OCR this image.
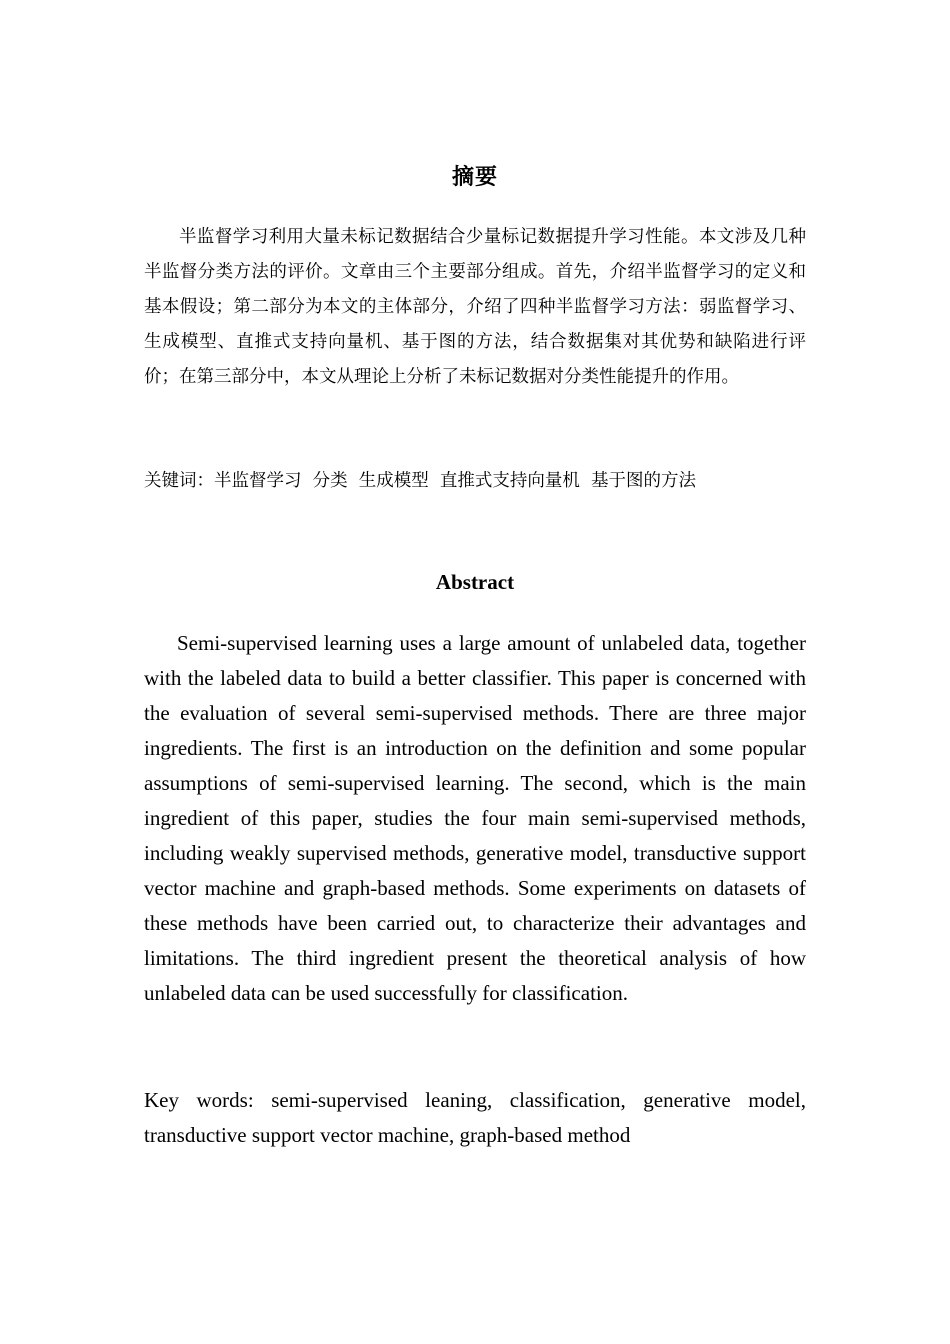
摘要

半监督学习利用大量未标记数据结合少量标记数据提升学习性能。本文涉及几种半监督分类方法的评价。文章由三个主要部分组成。首先，介绍半监督学习的定义和基本假设；第二部分为本文的主体部分，介绍了四种半监督学习方法：弱监督学习、生成模型、直推式支持向量机、基于图的方法，结合数据集对其优势和缺陷进行评价；在第三部分中，本文从理论上分析了未标记数据对分类性能提升的作用。

关键词：半监督学习  分类  生成模型  直推式支持向量机  基于图的方法

Abstract

Semi-supervised learning uses a large amount of unlabeled data, together with the labeled data to build a better classifier. This paper is concerned with the evaluation of several semi-supervised methods. There are three major ingredients. The first is an introduction on the definition and some popular assumptions of semi-supervised learning. The second, which is the main ingredient of this paper, studies the four main semi-supervised methods, including weakly supervised methods, generative model, transductive support vector machine and graph-based methods. Some experiments on datasets of these methods have been carried out, to characterize their advantages and limitations. The third ingredient present the theoretical analysis of how unlabeled data can be used successfully for classification.

Key words: semi-supervised leaning, classification, generative model, transductive support vector machine, graph-based method
